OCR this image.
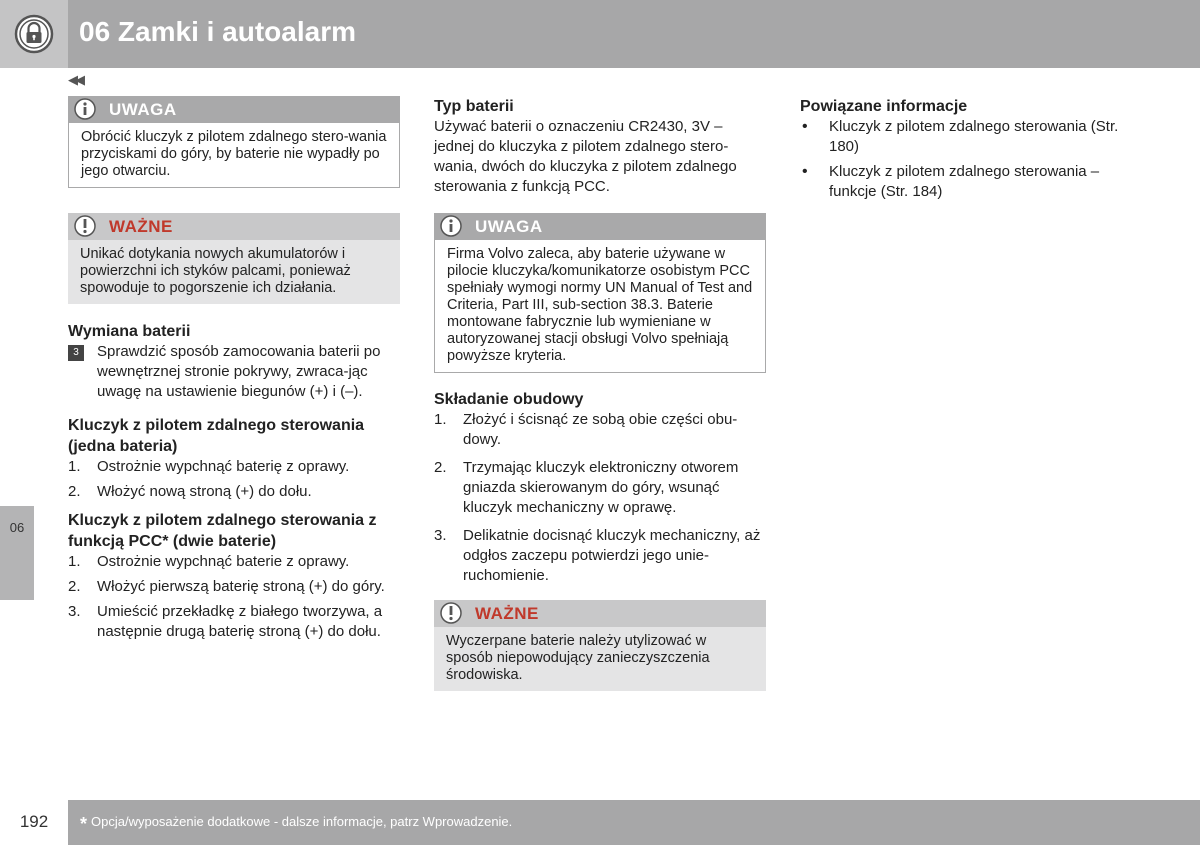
06 Zamki i autoalarm
◀◀
UWAGA
Obrócić kluczyk z pilotem zdalnego stero-wania przyciskami do góry, by baterie nie wypadły po jego otwarciu.
WAŻNE
Unikać dotykania nowych akumulatorów i powierzchni ich styków palcami, ponieważ spowoduje to pogorszenie ich działania.
Wymiana baterii
3	Sprawdzić sposób zamocowania baterii po wewnętrznej stronie pokrywy, zwraca-jąc uwagę na ustawienie biegunów (+) i (–).
Kluczyk z pilotem zdalnego sterowania (jedna bateria)
1. Ostrożnie wypchnąć baterię z oprawy.
2. Włożyć nową stroną (+) do dołu.
Kluczyk z pilotem zdalnego sterowania z funkcją PCC* (dwie baterie)
1. Ostrożnie wypchnąć baterie z oprawy.
2. Włożyć pierwszą baterię stroną (+) do góry.
3. Umieścić przekładkę z białego tworzywa, a następnie drugą baterię stroną (+) do dołu.
Typ baterii

Używać baterii o oznaczeniu CR2430, 3V – jednej do kluczyka z pilotem zdalnego stero-wania, dwóch do kluczyka z pilotem zdalnego sterowania z funkcją PCC.

UWAGA
Firma Volvo zaleca, aby baterie używane w pilocie kluczyka/komunikatorze osobistym PCC spełniały wymogi normy UN Manual of Test and Criteria, Part III, sub-section 38.3. Baterie montowane fabrycznie lub wymieniane w autoryzowanej stacji obsługi Volvo spełniają powyższe kryteria.
Składanie obudowy
1. Złożyć i ścisnąć ze sobą obie części obu-dowy.
2. Trzymając kluczyk elektroniczny otworem gniazda skierowanym do góry, wsunąć kluczyk mechaniczny w oprawę.
3. Delikatnie docisnąć kluczyk mechaniczny, aż odgłos zaczepu potwierdzi jego unie-ruchomienie.
WAŻNE
Wyczerpane baterie należy utylizować w sposób niepowodujący zanieczyszczenia środowiska.
Powiązane informacje
• Kluczyk z pilotem zdalnego sterowania (Str. 180)
• Kluczyk z pilotem zdalnego sterowania – funkcje (Str. 184)
06
192	* Opcja/wyposażenie dodatkowe - dalsze informacje, patrz Wprowadzenie.
